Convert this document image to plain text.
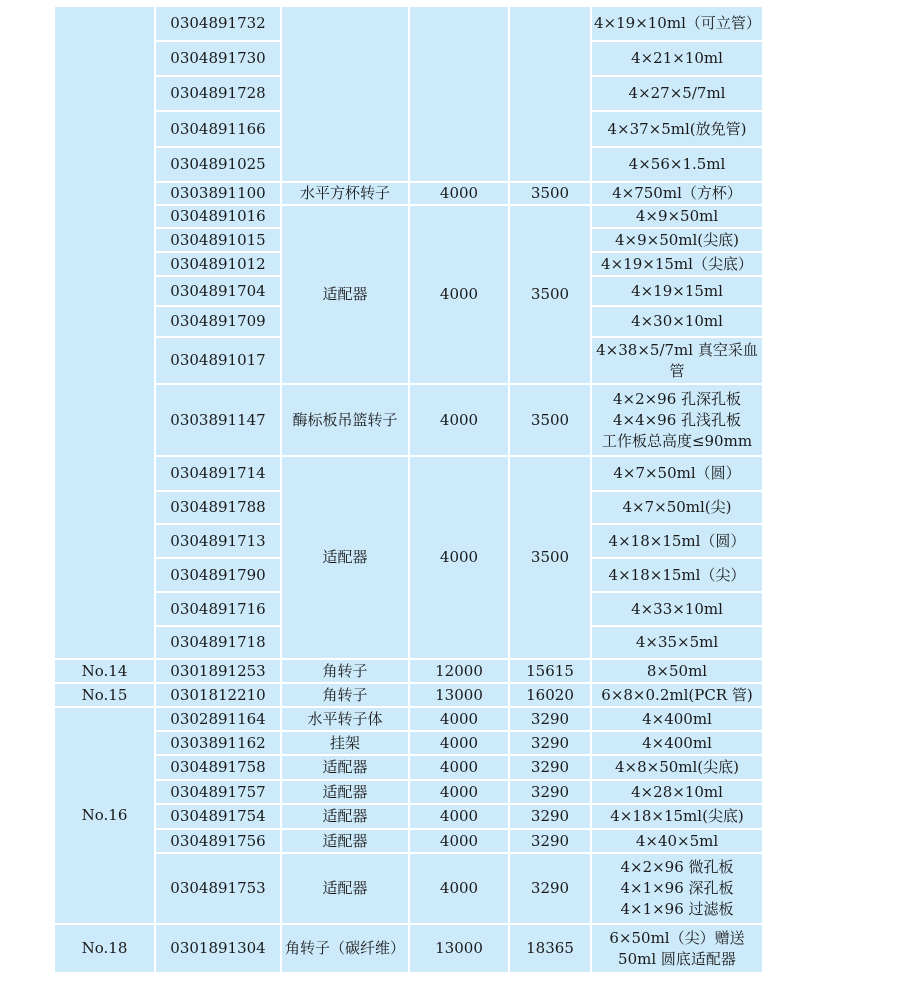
	0304891732				4×19×10ml（可立管）
	0304891730				4×21×10ml
	0304891728				4×27×5/7ml
	0304891166				4×37×5ml(放免管)
	0304891025				4×56×1.5ml
	0303891100	水平方杯转子	4000	3500	4×750ml（方杯）
	0304891016	适配器	4000	3500	4×9×50ml
	0304891015				4×9×50ml(尖底)
	0304891012				4×19×15ml（尖底）
	0304891704				4×19×15ml
	0304891709				4×30×10ml
	0304891017				4×38×5/7ml 真空采血管
	0303891147	酶标板吊篮转子	4000	3500	4×2×96 孔深孔板
4×4×96 孔浅孔板
工作板总高度≤90mm

	0304891714	适配器	4000	3500	4×7×50ml（圆）
	0304891788				4×7×50ml(尖)
	0304891713				4×18×15ml（圆）
	0304891790				4×18×15ml（尖）
	0304891716				4×33×10ml
	0304891718				4×35×5ml
No.14	0301891253	角转子	12000	15615	8×50ml
No.15	0301812210	角转子	13000	16020	6×8×0.2ml(PCR 管)
No.16	0302891164	水平转子体	4000	3290	4×400ml
	0303891162	挂架	4000	3290	4×400ml
	0304891758	适配器	4000	3290	4×8×50ml(尖底)
	0304891757	适配器	4000	3290	4×28×10ml
	0304891754	适配器	4000	3290	4×18×15ml(尖底)
	0304891756	适配器	4000	3290	4×40×5ml
	0304891753	适配器	4000	3290	4×2×96 微孔板
4×1×96 深孔板
4×1×96 过滤板

No.18	0301891304	角转子（碳纤维）	13000	18365	6×50ml（尖）赠送 50ml 圆底适配器
